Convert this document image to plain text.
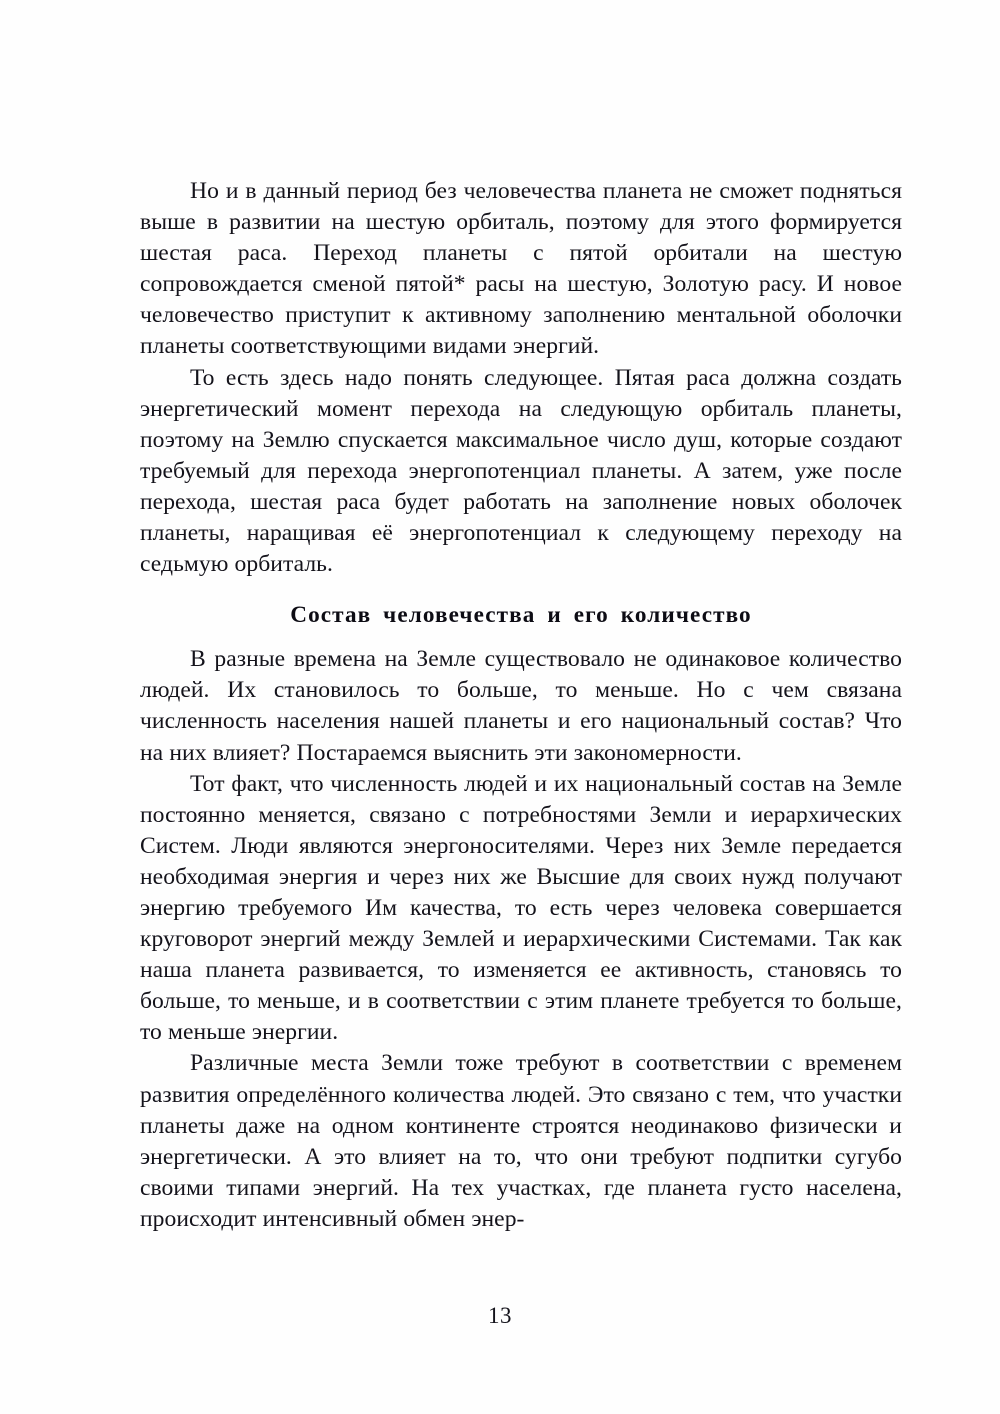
Но и в данный период без человечества планета не сможет подняться выше в развитии на шестую орбиталь, поэтому для этого формируется шестая раса. Переход планеты с пятой орбитали на шестую сопровождается сменой пятой* расы на шестую, Золотую расу. И новое человечество приступит к активному заполнению ментальной оболочки планеты соответствующими видами энергий.

То есть здесь надо понять следующее. Пятая раса должна создать энергетический момент перехода на следующую орбиталь планеты, поэтому на Землю спускается максимальное число душ, которые создают требуемый для перехода энергопотенциал планеты. А затем, уже после перехода, шестая раса будет работать на заполнение новых оболочек планеты, наращивая её энергопотенциал к следующему переходу на седьмую орбиталь.

Состав человечества и его количество

В разные времена на Земле существовало не одинаковое количество людей. Их становилось то больше, то меньше. Но с чем связана численность населения нашей планеты и его национальный состав? Что на них влияет? Постараемся выяснить эти закономерности.

Тот факт, что численность людей и их национальный состав на Земле постоянно меняется, связано с потребностями Земли и иерархических Систем. Люди являются энергоносителями. Через них Земле передается необходимая энергия и через них же Высшие для своих нужд получают энергию требуемого Им качества, то есть через человека совершается круговорот энергий между Землей и иерархическими Системами. Так как наша планета развивается, то изменяется ее активность, становясь то больше, то меньше, и в соответствии с этим планете требуется то больше, то меньше энергии.

Различные места Земли тоже требуют в соответствии с временем развития определённого количества людей. Это связано с тем, что участки планеты даже на одном континенте строятся неодинаково физически и энергетически. А это влияет на то, что они требуют подпитки сугубо своими типами энергий. На тех участках, где планета густо населена, происходит интенсивный обмен энер-

13
